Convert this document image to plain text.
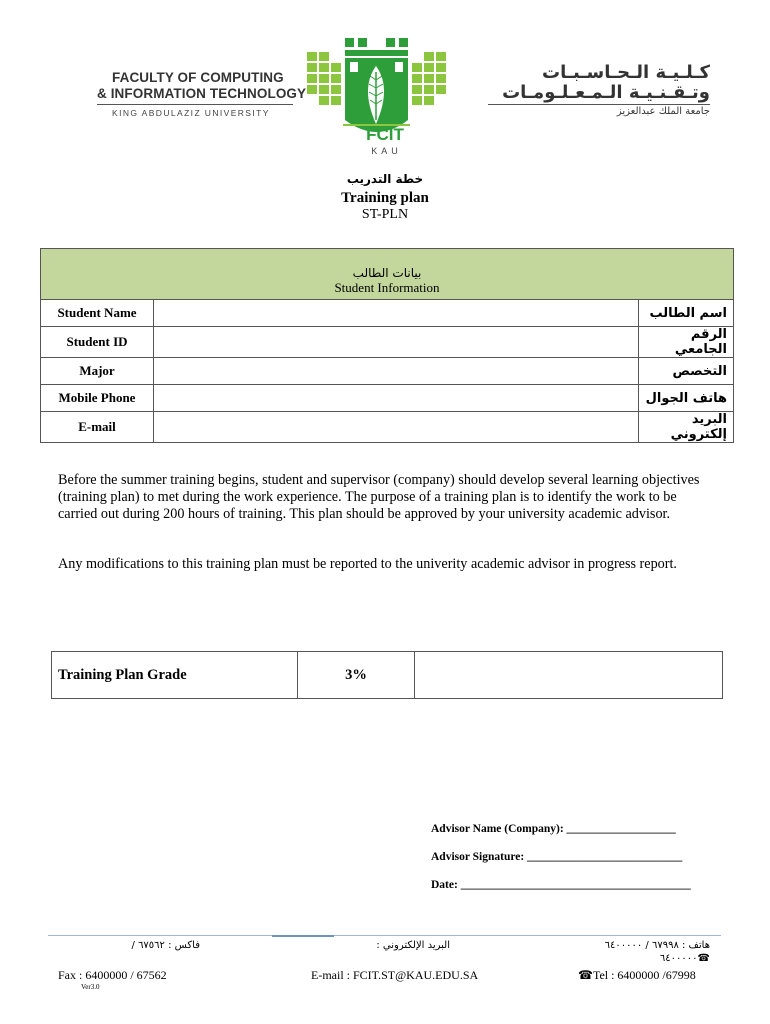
FACULTY OF COMPUTING
& INFORMATION TECHNOLOGY
KING ABDULAZIZ UNIVERSITY
FCIT
K A U
كـلـيـة الـحـاسـبـات
وتـقـنـيـة الـمـعـلـومـات
جامعة الملك عبدالعزيز
خطة التدريب
Training plan
ST-PLN
بيانات الطالب
Student Information		

Student Name		اسم الطالب
Student ID		الرقم الجامعي
Major		التخصص
Mobile Phone		هاتف الجوال
E-mail		البريد إلكتروني
Before the summer training begins, student and supervisor (company) should develop several learning objectives (training plan) to met during the work experience. The purpose of a training plan is to identify the work to be carried out during 200 hours of training. This plan should be approved by your university academic advisor.
Any modifications to this training plan must be reported to the univerity academic advisor in progress report.
Training Plan Grade	3%	
Advisor Name (Company): ___________________
Advisor Signature: ___________________________
Date: ________________________________________
فاكس : ٦٧٥٦٢ /	البريد الإلكتروني :	هاتف : ٦٧٩٩٨ / ٦٤٠٠٠٠٠
☎٦٤٠٠٠٠٠
Fax : 6400000 / 67562	E-mail : FCIT.ST@KAU.EDU.SA	☎Tel : 6400000 /67998
Ver3.0
